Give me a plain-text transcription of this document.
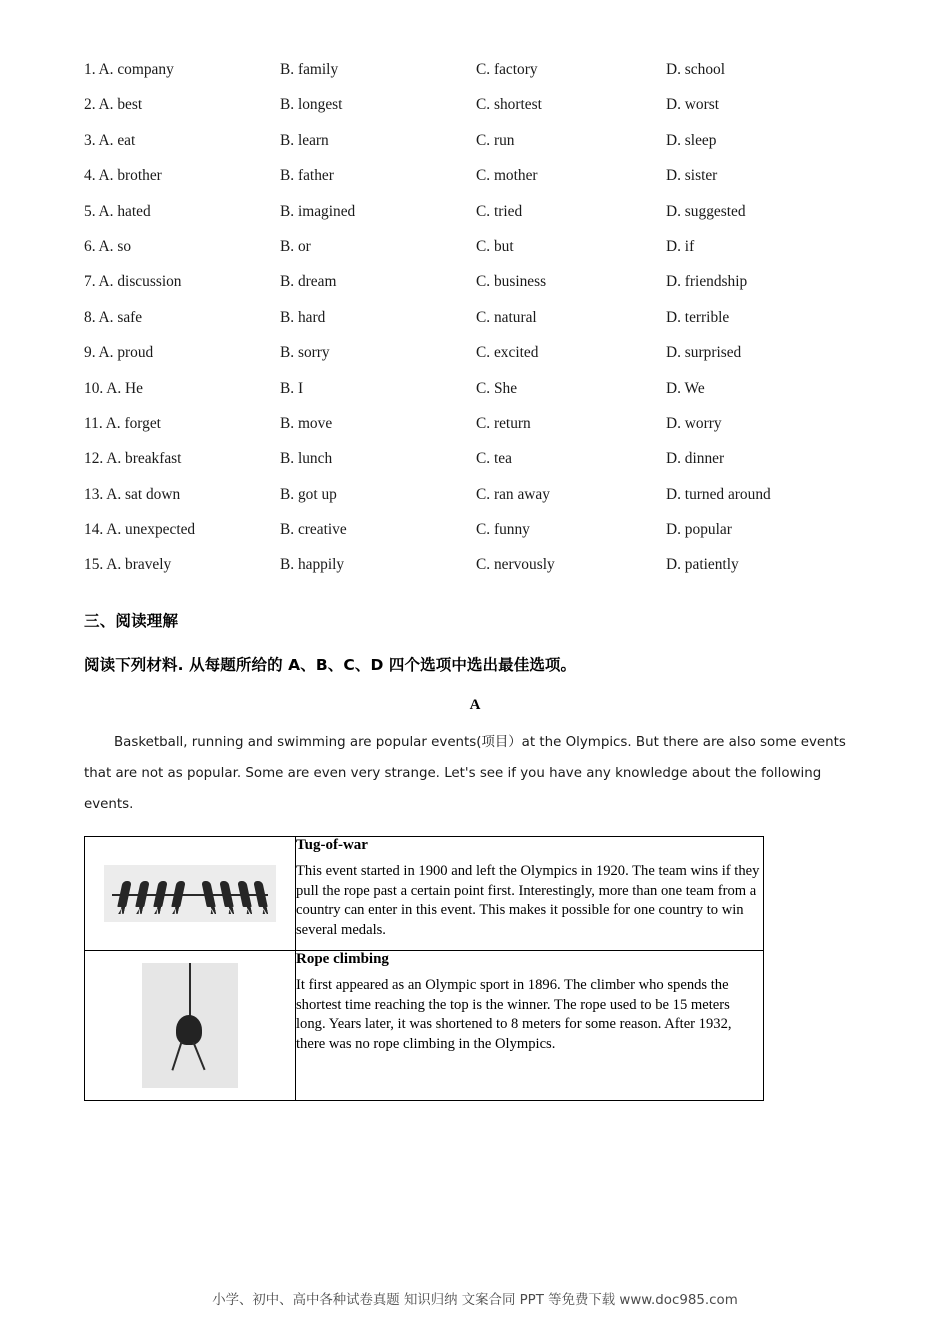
1. A. company	B. family	C. factory	D. school
2. A. best	B. longest	C. shortest	D. worst
3. A. eat	B. learn	C. run	D. sleep
4. A. brother	B. father	C. mother	D. sister
5. A. hated	B. imagined	C. tried	D. suggested
6. A. so	B. or	C. but	D. if
7. A. discussion	B. dream	C. business	D. friendship
8. A. safe	B. hard	C. natural	D. terrible
9. A. proud	B. sorry	C. excited	D. surprised
10. A. He	B. I	C. She	D. We
11. A. forget	B. move	C. return	D. worry
12. A. breakfast	B. lunch	C. tea	D. dinner
13. A. sat down	B. got up	C. ran away	D. turned around
14. A. unexpected	B. creative	C. funny	D. popular
15. A. bravely	B. happily	C. nervously	D. patiently
三、阅读理解
阅读下列材料. 从每题所给的 A、B、C、D 四个选项中选出最佳选项。
A
Basketball, running and swimming are popular events(项目）at the Olympics. But there are also some events that are not as popular. Some are even very strange. Let's see if you have any knowledge about the following events.

	Tug-of-war
This event started in 1900 and left the Olympics in 1920. The team wins if they pull the rope past a certain point first. Interestingly, more than one team from a country can enter in this event. This makes it possible for one country to win several medals.

	Rope climbing
It first appeared as an Olympic sport in 1896. The climber who spends the shortest time reaching the top is the winner. The rope used to be 15 meters long. Years later, it was shortened to 8 meters for some reason. After 1932, there was no rope climbing in the Olympics.
小学、初中、高中各种试卷真题 知识归纳 文案合同 PPT 等免费下载 www.doc985.com
